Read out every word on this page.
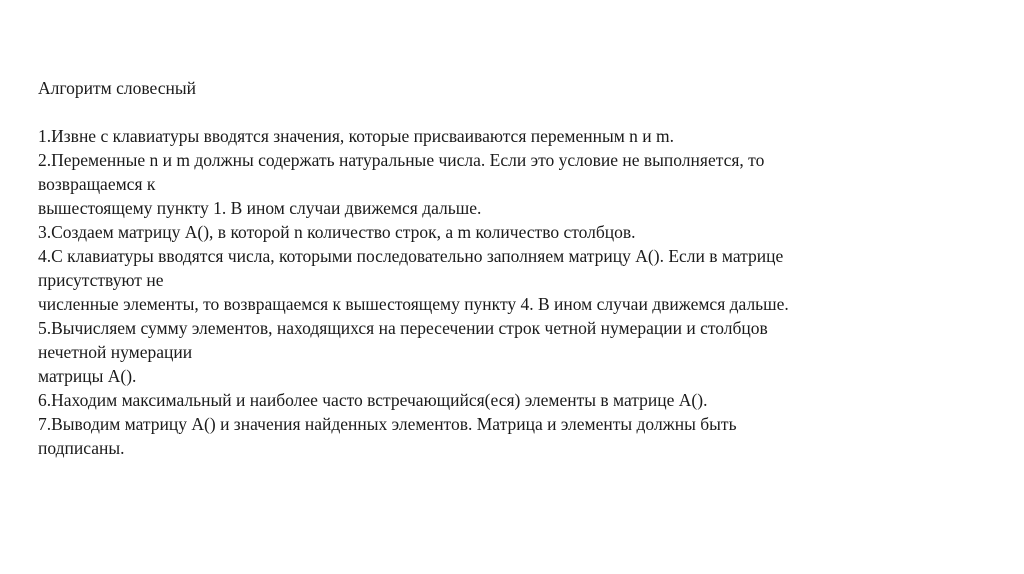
Алгоритм словесный

1.Извне с клавиатуры вводятся значения, которые присваиваются переменным n и m.

2.Переменные n и m должны содержать натуральные числа. Если это условие не выполняется, то

возвращаемся к

вышестоящему пункту 1. В ином случаи движемся дальше.

3.Создаем матрицу A(), в которой n количество строк, а m количество столбцов.

4.С клавиатуры вводятся числа, которыми последовательно заполняем матрицу A(). Если в матрице

присутствуют не

численные элементы, то возвращаемся к вышестоящему пункту 4. В ином случаи движемся дальше.

5.Вычисляем сумму элементов, находящихся на пересечении строк четной нумерации и столбцов

нечетной нумерации

матрицы A().

6.Находим максимальный и наиболее часто встречающийся(еся) элементы в матрице A().

7.Выводим матрицу A() и значения найденных элементов. Матрица и элементы должны быть

подписаны.
